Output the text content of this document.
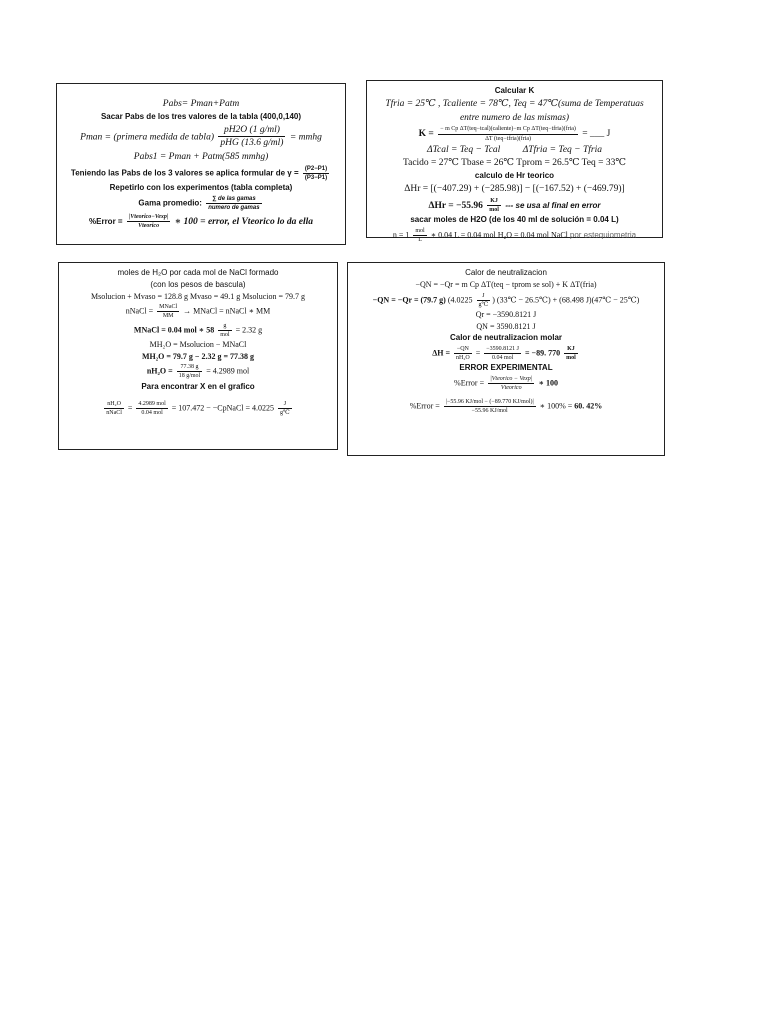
Pabs= Pman+Patm
Sacar Pabs de los tres valores de la tabla (400,0,140)
Pman = (primera medida de tabla) $\frac{pH2O (1 g/ml)}{\text{pHG (13.6 g/ml)}}$ = mmhg
Pabs1 = Pman + Patm(585 mmhg)
Teniendo las Pabs de los 3 valores se aplica formular de $\gamma = \frac{(P2-P1)}{(P3-P1)}$
Repetirlo con los experimentos (tabla completa)
Gama promedio: $\frac{\text{∑ de las gamas}}{\text{numero de gamas}}$
%Error = $\frac{\text{|Vteorico−Vexp|}}{\text{Vteorico}}$ ∗ 100 = error, el Vteorico lo da ella
Calcular K
Tfria = 25℃ , Tcaliente = 78℃, Teq = 47℃(suma de Temperatuas
entre numero de las mismas)
$K = \frac{\text{− m Cp ΔT(teq−tcal)(caliente)−m Cp ΔT(teq−tfria)(fria)}}{\text{ΔT (teq−tfria)(fria)}}$ = ___ J
ΔTcal = Teq − Tcal ΔTfria = Teq − Tfria
Tacido = 27℃ Tbase = 26℃ Tprom = 26.5℃ Teq = 33℃
calculo de Hr teorico
ΔHr = [(−407.29) + (−285.98)] − [(−167.52) + (−469.79)]
$\Delta Hr = -55.96 \frac{KJ}{\text{mol}}$ --- se usa al final en error
sacar moles de H2O (de los 40 ml de solución = 0.04 L)
$n = 1 \frac{\text{mol}}{L}$ ∗ 0.04 L = 0.04 mol H₂O = 0.04 mol NaCl por estequiometria
moles de H₂O por cada mol de NaCl formado
(con los pesos de bascula)
Msolucion + Mvaso = 128.8 g Mvaso = 49.1 g Msolucion = 79.7 g
nNaCl = $\frac{\text{MNaCl}}{MM}$ → MNaCl = nNaCl ∗ MM
MNaCl = 0.04 mol ∗ $58 \frac{g}{\text{mol}} = 2.32$ g
MH₂O = Msolucion − MNaCl
MH₂O = 79.7 g − 2.32 g = 77.38 g
$nH_2O = \frac{77.38 g}{\text{18 g/mol}} = 4.2989$ mol
Para encontrar X en el grafico
$\frac{\text{nH₂O}}{\text{nNaCl}} = \frac{\text{4.2989 mol}}{\text{0.04 mol}} = 107.472$ − −CpNaCl = $4.0225 \frac{J}{g℃}$
Calor de neutralizacion
−QN = −Qr = m Cp ΔT(teq − tprom se sol) + K ΔT(fria)
−QN = −Qr = (79.7 g) ($4.0225 \frac{J}{g℃}$ ) (33℃ − 26.5℃) + (68.498 J)(47℃ − 25℃)
Qr = −3590.8121 J
QN = 3590.8121 J
Calor de neutralizacion molar
$\Delta H = \frac{-QN}{\text{nH₂O}} = \frac{-3590.8121 J}{\text{0.04 mol}} = -89$. $770 \frac{KJ}{\text{mol}}$
ERROR EXPERIMENTAL
%Error = $\frac{\text{|Vteorico − Vexp|}}{\text{Vteorico}}$ ∗ 100
%Error = $\frac{\text{|−55.96 KJ/mol − (−89.770 KJ/mol)|}}{\text{−55.96 KJ/mol}}$ ∗ 100% = 60. 42%
